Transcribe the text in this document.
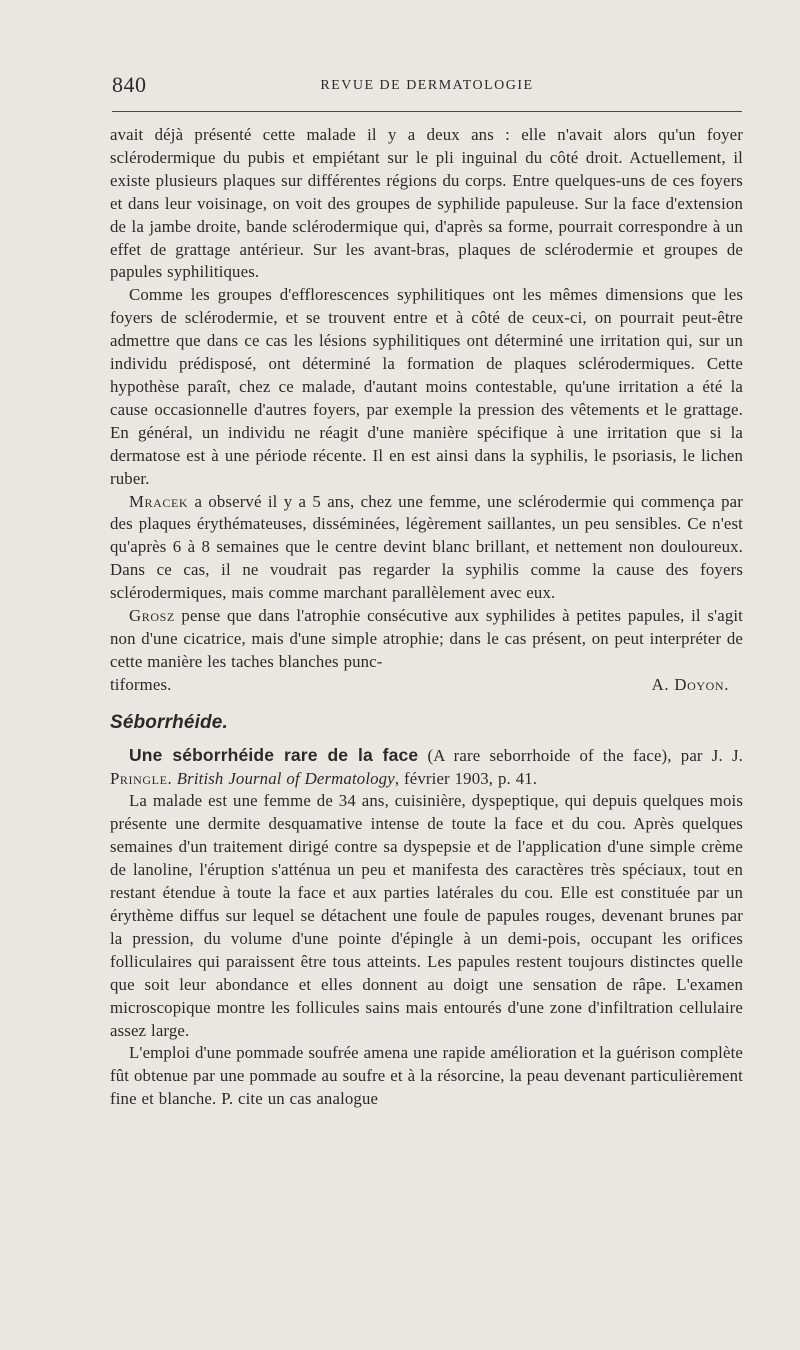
840	REVUE DE DERMATOLOGIE

avait déjà présenté cette malade il y a deux ans : elle n'avait alors qu'un foyer sclérodermique du pubis et empiétant sur le pli inguinal du côté droit. Actuellement, il existe plusieurs plaques sur différentes régions du corps. Entre quelques-uns de ces foyers et dans leur voisinage, on voit des groupes de syphilide papuleuse. Sur la face d'extension de la jambe droite, bande sclérodermique qui, d'après sa forme, pourrait correspondre à un effet de grattage antérieur. Sur les avant-bras, plaques de sclérodermie et groupes de papules syphilitiques.

Comme les groupes d'efflorescences syphilitiques ont les mêmes dimensions que les foyers de sclérodermie, et se trouvent entre et à côté de ceux-ci, on pourrait peut-être admettre que dans ce cas les lésions syphilitiques ont déterminé une irritation qui, sur un individu prédisposé, ont déterminé la formation de plaques sclérodermiques. Cette hypothèse paraît, chez ce malade, d'autant moins contestable, qu'une irritation a été la cause occasionnelle d'autres foyers, par exemple la pression des vêtements et le grattage. En général, un individu ne réagit d'une manière spécifique à une irritation que si la dermatose est à une période récente. Il en est ainsi dans la syphilis, le psoriasis, le lichen ruber.

Mracek a observé il y a 5 ans, chez une femme, une sclérodermie qui commença par des plaques érythémateuses, disséminées, légèrement saillantes, un peu sensibles. Ce n'est qu'après 6 à 8 semaines que le centre devint blanc brillant, et nettement non douloureux. Dans ce cas, il ne voudrait pas regarder la syphilis comme la cause des foyers sclérodermiques, mais comme marchant parallèlement avec eux.

Grosz pense que dans l'atrophie consécutive aux syphilides à petites papules, il s'agit non d'une cicatrice, mais d'une simple atrophie; dans le cas présent, on peut interpréter de cette manière les taches blanches punc-

tiformes.	A. Doyon.
Séborrhéide.

Une séborrhéide rare de la face (A rare seborrhoide of the face), par J. J. Pringle. British Journal of Dermatology, février 1903, p. 41.

La malade est une femme de 34 ans, cuisinière, dyspeptique, qui depuis quelques mois présente une dermite desquamative intense de toute la face et du cou. Après quelques semaines d'un traitement dirigé contre sa dyspepsie et de l'application d'une simple crème de lanoline, l'éruption s'atténua un peu et manifesta des caractères très spéciaux, tout en restant étendue à toute la face et aux parties latérales du cou. Elle est constituée par un érythème diffus sur lequel se détachent une foule de papules rouges, devenant brunes par la pression, du volume d'une pointe d'épingle à un demi-pois, occupant les orifices folliculaires qui paraissent être tous atteints. Les papules restent toujours distinctes quelle que soit leur abondance et elles donnent au doigt une sensation de râpe. L'examen microscopique montre les follicules sains mais entourés d'une zone d'infiltration cellulaire assez large.

L'emploi d'une pommade soufrée amena une rapide amélioration et la guérison complète fût obtenue par une pommade au soufre et à la résorcine, la peau devenant particulièrement fine et blanche. P. cite un cas analogue
